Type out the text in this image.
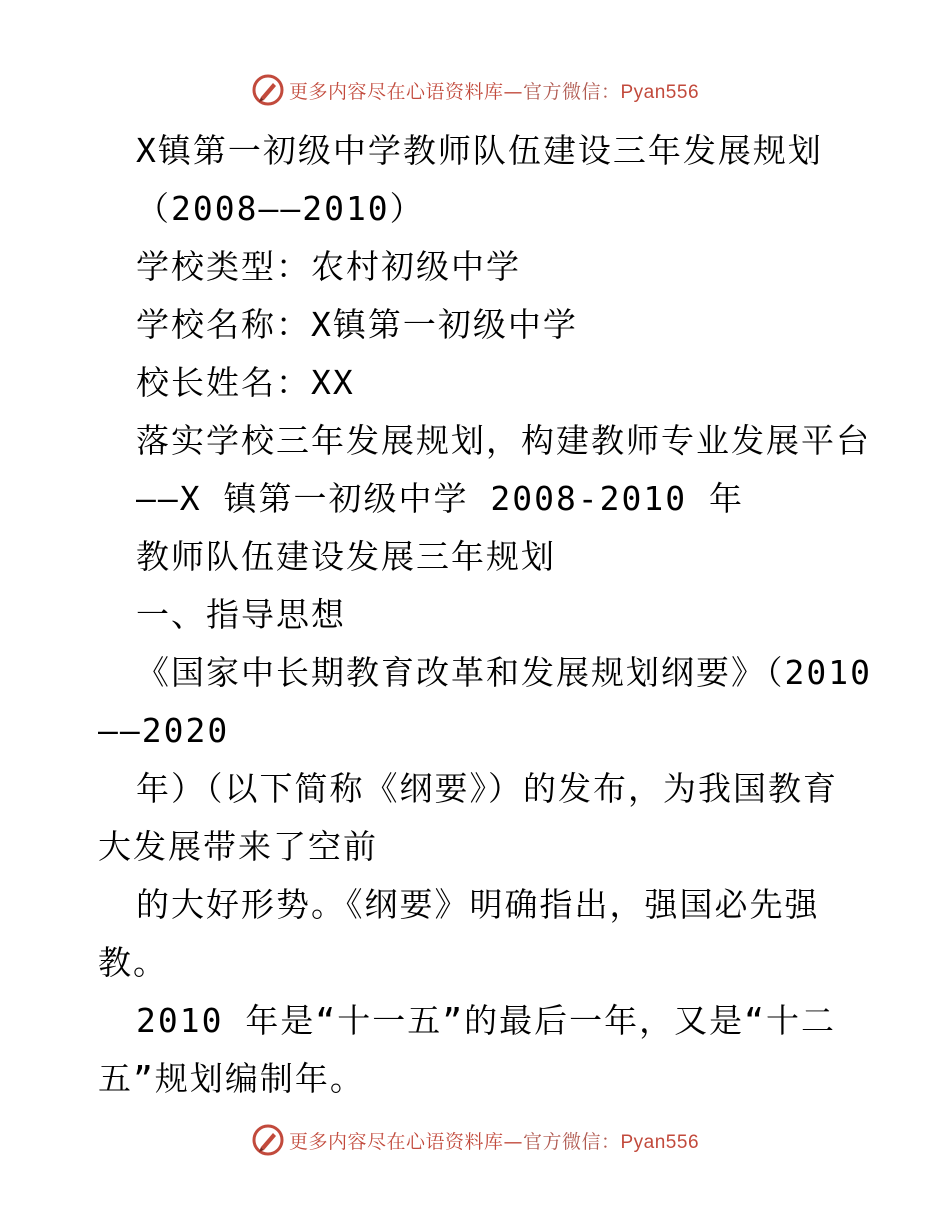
更多内容尽在心语资料库—官方微信：Pyan556
X镇第一初级中学教师队伍建设三年发展规划
（2008——2010）
学校类型：农村初级中学
学校名称：X镇第一初级中学
校长姓名：XX
落实学校三年发展规划，构建教师专业发展平台
——X 镇第一初级中学 2008-2010 年
教师队伍建设发展三年规划
一、指导思想
《国家中长期教育改革和发展规划纲要》（2010
——2020
年）（以下简称《纲要》）的发布，为我国教育
大发展带来了空前
的大好形势。《纲要》明确指出，强国必先强
教。
2010 年是“十一五”的最后一年，又是“十二
五”规划编制年。
更多内容尽在心语资料库—官方微信：Pyan556
